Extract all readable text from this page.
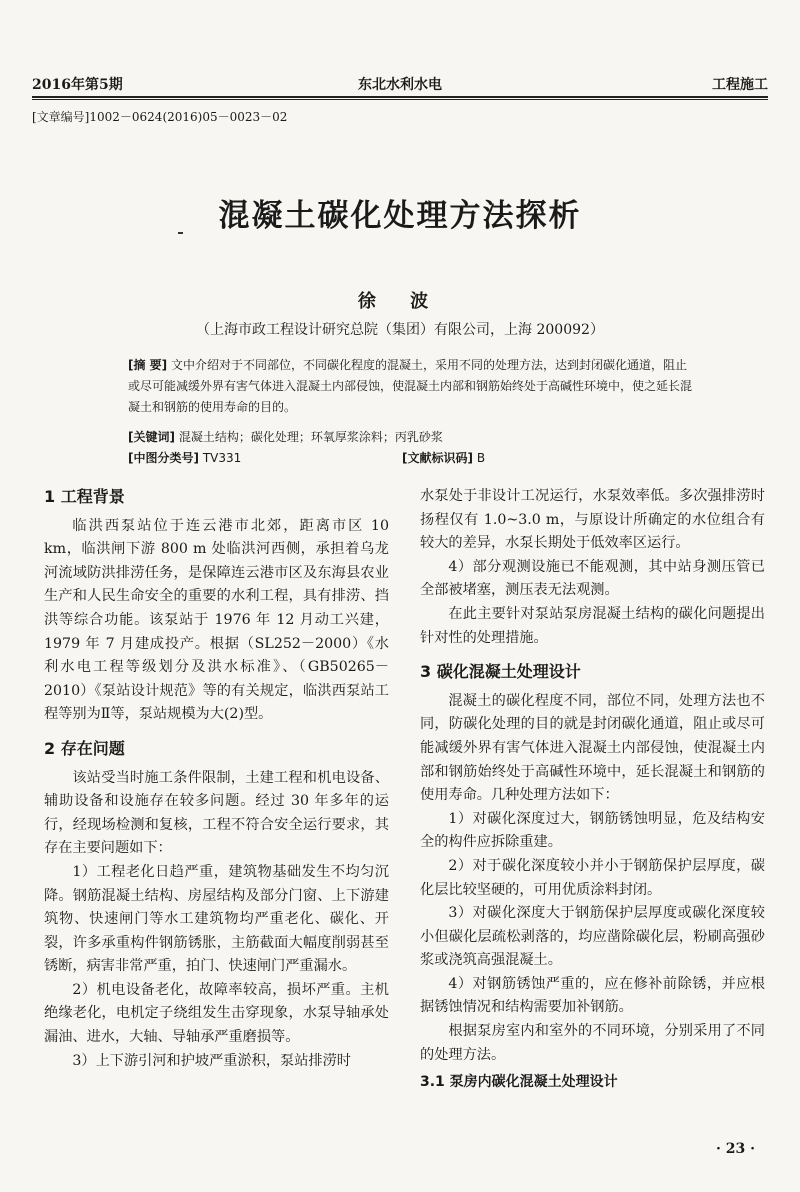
2016年第5期	东北水利水电	工程施工
[文章编号]1002－0624(2016)05－0023－02
混凝土碳化处理方法探析
徐 波
（上海市政工程设计研究总院（集团）有限公司，上海 200092）
[摘 要] 文中介绍对于不同部位，不同碳化程度的混凝土，采用不同的处理方法，达到封闭碳化通道，阻止或尽可能减缓外界有害气体进入混凝土内部侵蚀，使混凝土内部和钢筋始终处于高碱性环境中，使之延长混凝土和钢筋的使用寿命的目的。
[关键词] 混凝土结构；碳化处理；环氧厚浆涂料；丙乳砂浆
[中图分类号] TV331	[文献标识码] B
1 工程背景

临洪西泵站位于连云港市北郊，距离市区 10 km，临洪闸下游 800 m 处临洪河西侧，承担着乌龙河流域防洪排涝任务，是保障连云港市区及东海县农业生产和人民生命安全的重要的水利工程，具有排涝、挡洪等综合功能。该泵站于 1976 年 12 月动工兴建，1979 年 7 月建成投产。根据（SL252－2000）《水利水电工程等级划分及洪水标准》、（GB50265－2010）《泵站设计规范》等的有关规定，临洪西泵站工程等别为Ⅱ等，泵站规模为大(2)型。

2 存在问题

该站受当时施工条件限制，土建工程和机电设备、辅助设备和设施存在较多问题。经过 30 年多年的运行，经现场检测和复核，工程不符合安全运行要求，其存在主要问题如下：

1）工程老化日趋严重，建筑物基础发生不均匀沉降。钢筋混凝土结构、房屋结构及部分门窗、上下游建筑物、快速闸门等水工建筑物均严重老化、碳化、开裂，许多承重构件钢筋锈胀，主筋截面大幅度削弱甚至锈断，病害非常严重，拍门、快速闸门严重漏水。

2）机电设备老化，故障率较高，损坏严重。主机绝缘老化，电机定子绕组发生击穿现象，水泵导轴承处漏油、进水，大轴、导轴承严重磨损等。

3）上下游引河和护坡严重淤积，泵站排涝时

水泵处于非设计工况运行，水泵效率低。多次强排涝时扬程仅有 1.0~3.0 m，与原设计所确定的水位组合有较大的差异，水泵长期处于低效率区运行。

4）部分观测设施已不能观测，其中站身测压管已全部被堵塞，测压表无法观测。

在此主要针对泵站泵房混凝土结构的碳化问题提出针对性的处理措施。

3 碳化混凝土处理设计

混凝土的碳化程度不同，部位不同，处理方法也不同，防碳化处理的目的就是封闭碳化通道，阻止或尽可能减缓外界有害气体进入混凝土内部侵蚀，使混凝土内部和钢筋始终处于高碱性环境中，延长混凝土和钢筋的使用寿命。几种处理方法如下：

1）对碳化深度过大，钢筋锈蚀明显，危及结构安全的构件应拆除重建。

2）对于碳化深度较小并小于钢筋保护层厚度，碳化层比较坚硬的，可用优质涂料封闭。

3）对碳化深度大于钢筋保护层厚度或碳化深度较小但碳化层疏松剥落的，均应凿除碳化层，粉刷高强砂浆或浇筑高强混凝土。

4）对钢筋锈蚀严重的，应在修补前除锈，并应根据锈蚀情况和结构需要加补钢筋。

根据泵房室内和室外的不同环境，分别采用了不同的处理方法。

3.1 泵房内碳化混凝土处理设计
· 23 ·
